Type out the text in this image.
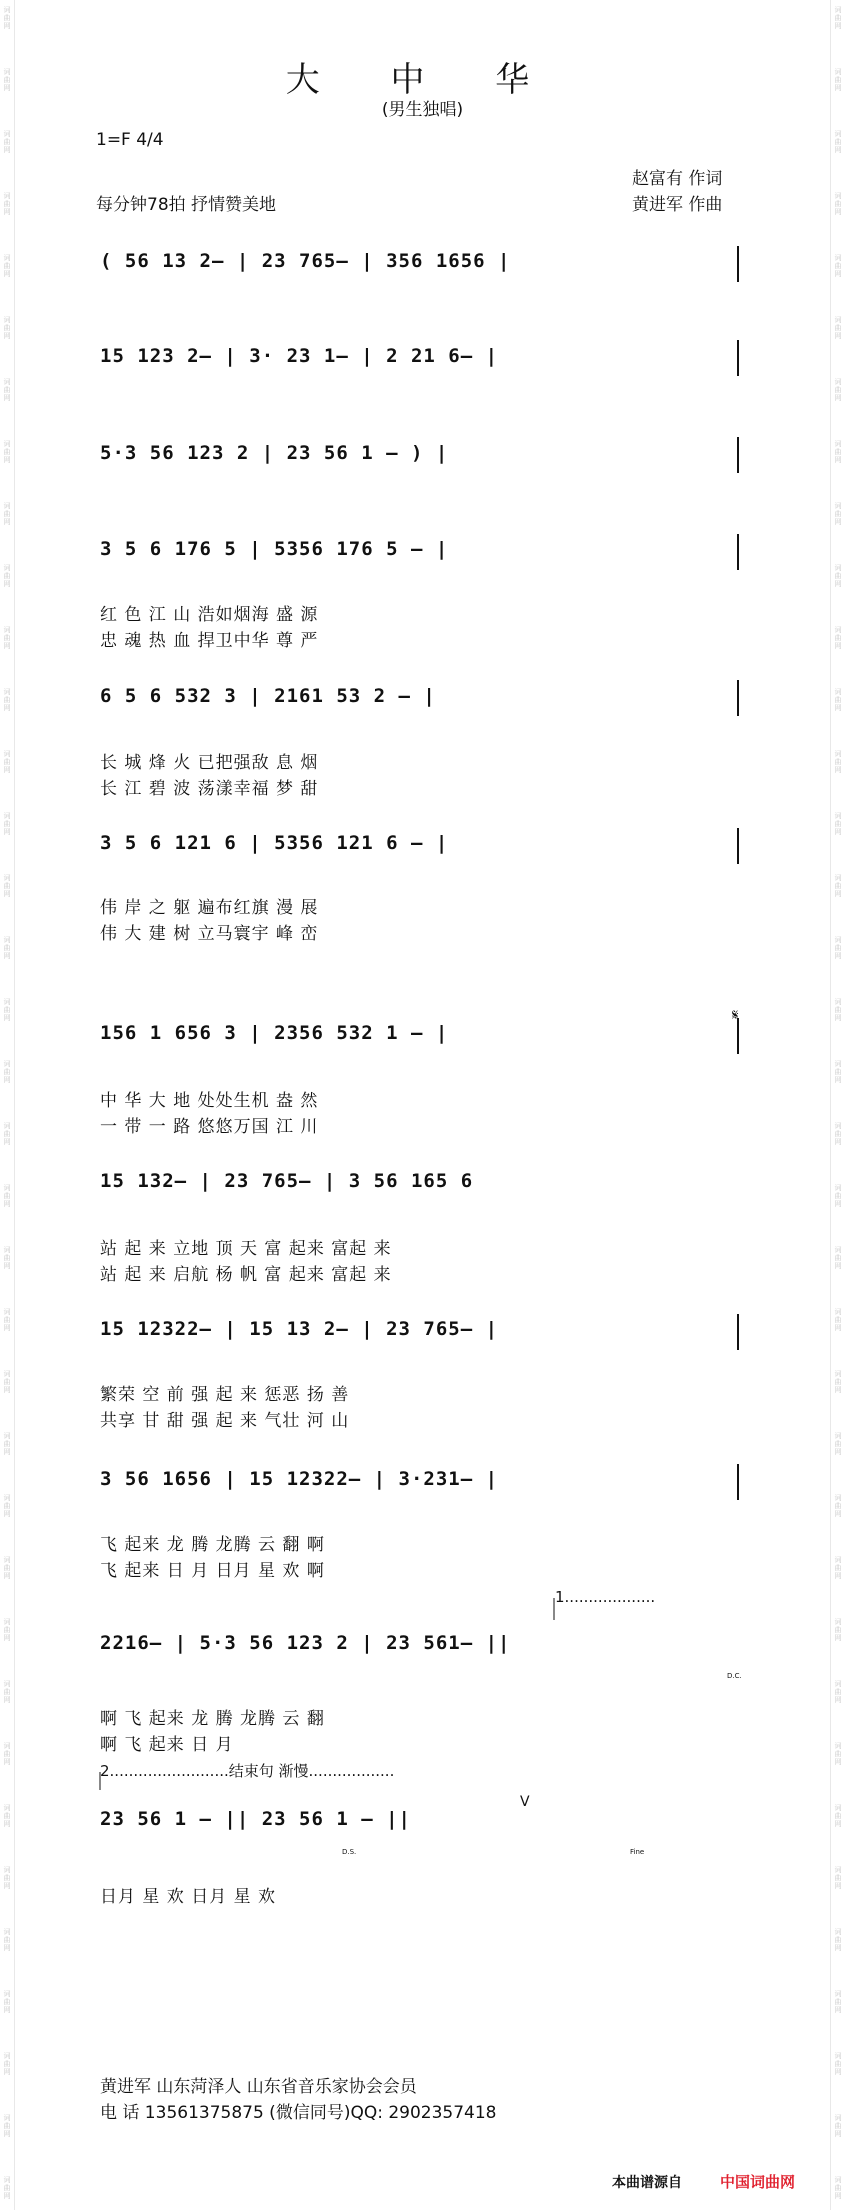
词 曲 网
词 曲 网
词 曲 网
词 曲 网
词 曲 网
词 曲 网
词 曲 网
词 曲 网
词 曲 网
词 曲 网
词 曲 网
词 曲 网
词 曲 网
词 曲 网
词 曲 网
词 曲 网
词 曲 网
词 曲 网
词 曲 网
词 曲 网
词 曲 网
词 曲 网
词 曲 网
词 曲 网
词 曲 网
词 曲 网
词 曲 网
词 曲 网
词 曲 网
词 曲 网
词 曲 网
词 曲 网
词 曲 网
词 曲 网
词 曲 网
词 曲 网
词 曲 网
词 曲 网
词 曲 网
词 曲 网
词 曲 网
词 曲 网
词 曲 网
词 曲 网
词 曲 网
词 曲 网
词 曲 网
词 曲 网
词 曲 网
词 曲 网
词 曲 网
词 曲 网
词 曲 网
词 曲 网
词 曲 网
词 曲 网
词 曲 网
词 曲 网
词 曲 网
词 曲 网
词 曲 网
词 曲 网
词 曲 网
词 曲 网
词 曲 网
词 曲 网
词 曲 网
词 曲 网
词 曲 网
词 曲 网
词 曲 网
词 曲 网
大 中 华
(男生独唱)
1=F 4/4
赵富有 作词
每分钟78拍 抒情赞美地	黄进军 作曲
( 56 13 2— | 23 765— | 356 1656 |
15 123 2— | 3· 23 1— | 2 21 6— |
5·3 56 123 2 | 23 56 1 — ) |
3 5 6 176 5 | 5356 176 5 — |
红 色 江 山 浩如烟海 盛 源
忠 魂 热 血 捍卫中华 尊 严
6 5 6 532 3 | 2161 53 2 — |
长 城 烽 火 已把强敌 息 烟
长 江 碧 波 荡漾幸福 梦 甜
3 5 6 121 6 | 5356 121 6 — |
伟 岸 之 躯 遍布红旗 漫 展
伟 大 建 树 立马寰宇 峰 峦
156 1 656 3 | 2356 532 1 — |
𝄋
中 华 大 地 处处生机 盎 然
一 带 一 路 悠悠万国 江 川
15 132— | 23 765— | 3 56 165 6
站 起 来 立地 顶 天 富 起来 富起 来
站 起 来 启航 杨 帆 富 起来 富起 来
15 12322— | 15 13 2— | 23 765— |
繁荣 空 前 强 起 来 惩恶 扬 善
共享 甘 甜 强 起 来 气壮 河 山
3 56 1656 | 15 12322— | 3·231— |
飞 起来 龙 腾 龙腾 云 翻 啊
飞 起来 日 月 日月 星 欢 啊
1...................
2216— | 5·3 56 123 2 | 23 561— ||
D.C.
啊 飞 起来 龙 腾 龙腾 云 翻
啊 飞 起来 日 月
2.........................结束句 渐慢..................
23 56 1 — || 23 56 1 — ||
V
D.S.	Fine
日月 星 欢 日月 星 欢
黄进军 山东菏泽人 山东省音乐家协会会员
电 话 13561375875 (微信同号)QQ: 2902357418
本曲谱源自	中国词曲网
